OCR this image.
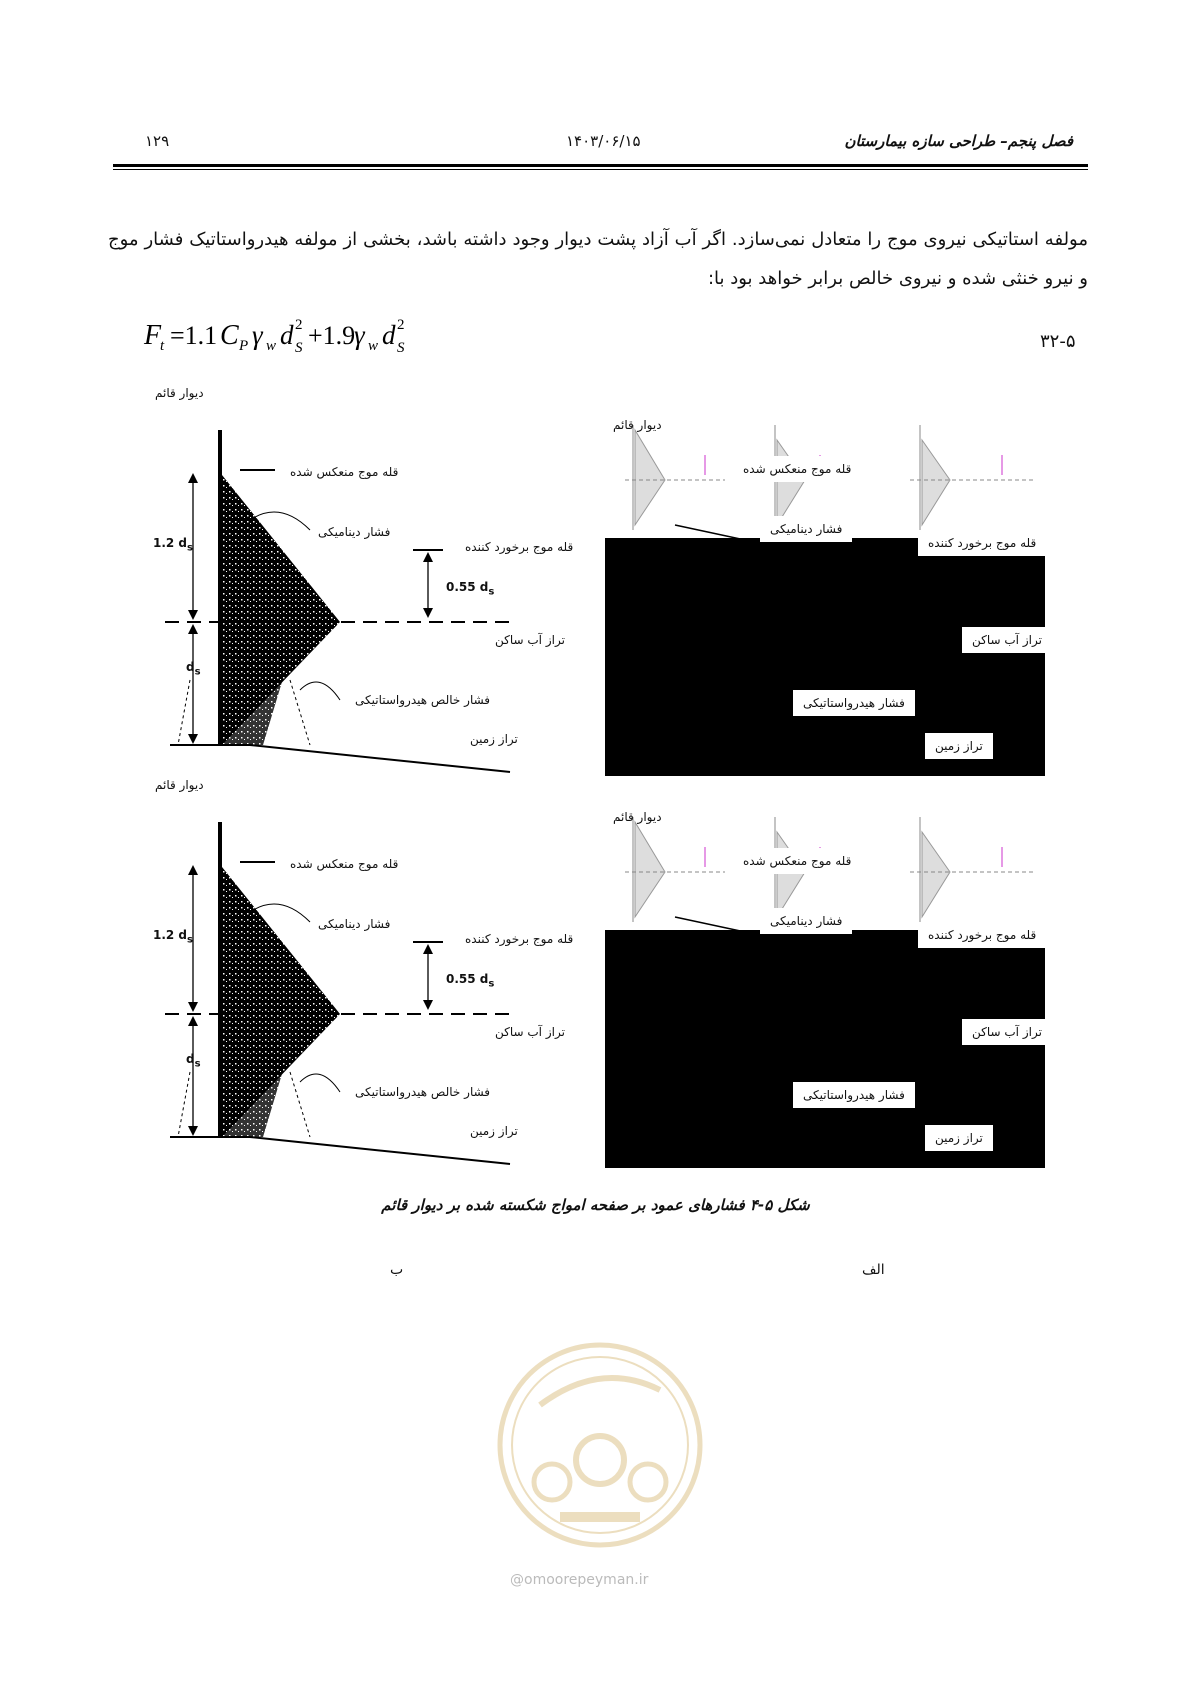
فصل پنجم– طراحی سازه بیمارستان
۱۴۰۳/۰۶/۱۵
۱۲۹
مولفه استاتیکی نیروی موج را متعادل نمی‌سازد. اگر آب آزاد پشت دیوار وجود داشته باشد، بخشی از مولفه هیدرواستاتیک فشار موج و نیرو خنثی شده و نیروی خالص برابر خواهد بود با:
F
t =1.1 C P γ w d 2
S +1.9
γ w d 2
S	۳۲-۵
دیوار قائم
قله موج منعکس شده
فشار دینامیکی
قله موج برخورد کننده
تراز آب ساکن
فشار خالص هیدرواستاتیکی
تراز زمین
1.2 $d_s$
0.55 $d_s$
$d_s$
دیوار قائم
قله موج منعکس شده
فشار دینامیکی
قله موج برخورد کننده
تراز آب ساکن
فشار هیدرواستاتیکی
تراز زمین
دیوار قائم
قله موج منعکس شده
فشار دینامیکی
قله موج برخورد کننده
تراز آب ساکن
فشار خالص هیدرواستاتیکی
تراز زمین
1.2 $d_s$
0.55 $d_s$
$d_s$
دیوار قائم
قله موج منعکس شده
فشار دینامیکی
قله موج برخورد کننده
تراز آب ساکن
فشار هیدرواستاتیکی
تراز زمین
شکل ۵-۴ فشارهای عمود بر صفحه امواج شکسته شده بر دیوار قائم
الف
ب
@omoorepeyman.ir
